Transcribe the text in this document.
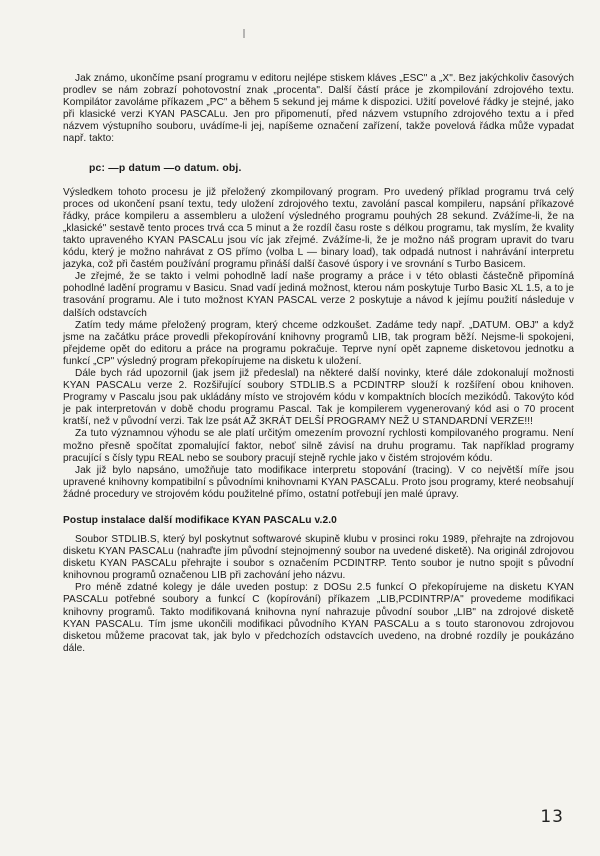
Jak známo, ukončíme psaní programu v editoru nejlépe stiskem kláves „ESC" a „X". Bez jakýchkoliv časových prodlev se nám zobrazí pohotovostní znak „procenta". Další částí práce je zkompilování zdrojového textu. Kompilátor zavoláme příkazem „PC" a během 5 sekund jej máme k dispozici. Užití povelové řádky je stejné, jako při klasické verzi KYAN PASCALu. Jen pro připomenutí, před názvem vstupního zdrojového textu a i před názvem výstupního souboru, uvádíme-li jej, napíšeme označení zařízení, takže povelová řádka může vypadat např. takto:

pc: —p datum —o datum. obj.

Výsledkem tohoto procesu je již přeložený zkompilovaný program. Pro uvedený příklad programu trvá celý proces od ukončení psaní textu, tedy uložení zdrojového textu, zavolání pascal kompileru, napsání příkazové řádky, práce kompileru a assembleru a uložení výsledného programu pouhých 28 sekund. Zvážíme-li, že na „klasické" sestavě tento proces trvá cca 5 minut a že rozdíl času roste s délkou programu, tak myslím, že kvality takto upraveného KYAN PASCALu jsou víc jak zřejmé. Zvážíme-li, že je možno náš program upravit do tvaru kódu, který je možno nahrávat z OS přímo (volba L — binary load), tak odpadá nutnost i nahrávání interpretu jazyka, což při častém používání programu přináší další časové úspory i ve srovnání s Turbo Basicem.

Je zřejmé, že se takto i velmi pohodlně ladí naše programy a práce i v této oblasti částečně připomíná pohodlné ladění programu v Basicu. Snad vadí jediná možnost, kterou nám poskytuje Turbo Basic XL 1.5, a to je trasování programu. Ale i tuto možnost KYAN PASCAL verze 2 poskytuje a návod k jejímu použití následuje v dalších odstavcích

Zatím tedy máme přeložený program, který chceme odzkoušet. Zadáme tedy např. „DATUM. OBJ" a když jsme na začátku práce provedli překopírování knihovny programů LIB, tak program běží. Nejsme-li spokojeni, přejdeme opět do editoru a práce na programu pokračuje. Teprve nyní opět zapneme disketovou jednotku a funkcí „CP" výsledný program překopírujeme na disketu k uložení.

Dále bych rád upozornil (jak jsem již předeslal) na některé další novinky, které dále zdokonalují možnosti KYAN PASCALu verze 2. Rozšiřující soubory STDLIB.S a PCDINTRP slouží k rozšíření obou knihoven. Programy v Pascalu jsou pak ukládány místo ve strojovém kódu v kompaktních blocích mezikódů. Takovýto kód je pak interpretován v době chodu programu Pascal. Tak je kompilerem vygenerovaný kód asi o 70 procent kratší, než v původní verzi. Tak lze psát AŽ 3KRÁT DELŠÍ PROGRAMY NEŽ U STANDARDNÍ VERZE!!!

Za tuto významnou výhodu se ale platí určitým omezením provozní rychlosti kompilovaného programu. Není možno přesně spočítat zpomalující faktor, neboť silně závisí na druhu programu. Tak například programy pracující s čísly typu REAL nebo se soubory pracují stejně rychle jako v čistém strojovém kódu.

Jak již bylo napsáno, umožňuje tato modifikace interpretu stopování (tracing). V co největší míře jsou upravené knihovny kompatibilní s původními knihovnami KYAN PASCALu. Proto jsou programy, které neobsahují žádné procedury ve strojovém kódu použitelné přímo, ostatní potřebují jen malé úpravy.

Postup instalace další modifikace KYAN PASCALu v.2.0

Soubor STDLIB.S, který byl poskytnut softwarové skupině klubu v prosinci roku 1989, přehrajte na zdrojovou disketu KYAN PASCALu (nahraďte jím původní stejnojmenný soubor na uvedené disketě). Na originál zdrojovou disketu KYAN PASCALu přehrajte i soubor s označením PCDINTRP. Tento soubor je nutno spojit s původní knihovnou programů označenou LIB při zachování jeho názvu.

Pro méně zdatné kolegy je dále uveden postup: z DOSu 2.5 funkcí O překopírujeme na disketu KYAN PASCALu potřebné soubory a funkcí C (kopírování) příkazem „LIB,PCDINTRP/A" provedeme modifikaci knihovny programů. Takto modifikovaná knihovna nyní nahrazuje původní soubor „LIB" na zdrojové disketě KYAN PASCALu. Tím jsme ukončili modifikaci původního KYAN PASCALu a s touto staronovou zdrojovou disketou můžeme pracovat tak, jak bylo v předchozích odstavcích uvedeno, na drobné rozdíly je poukázáno dále.

13
